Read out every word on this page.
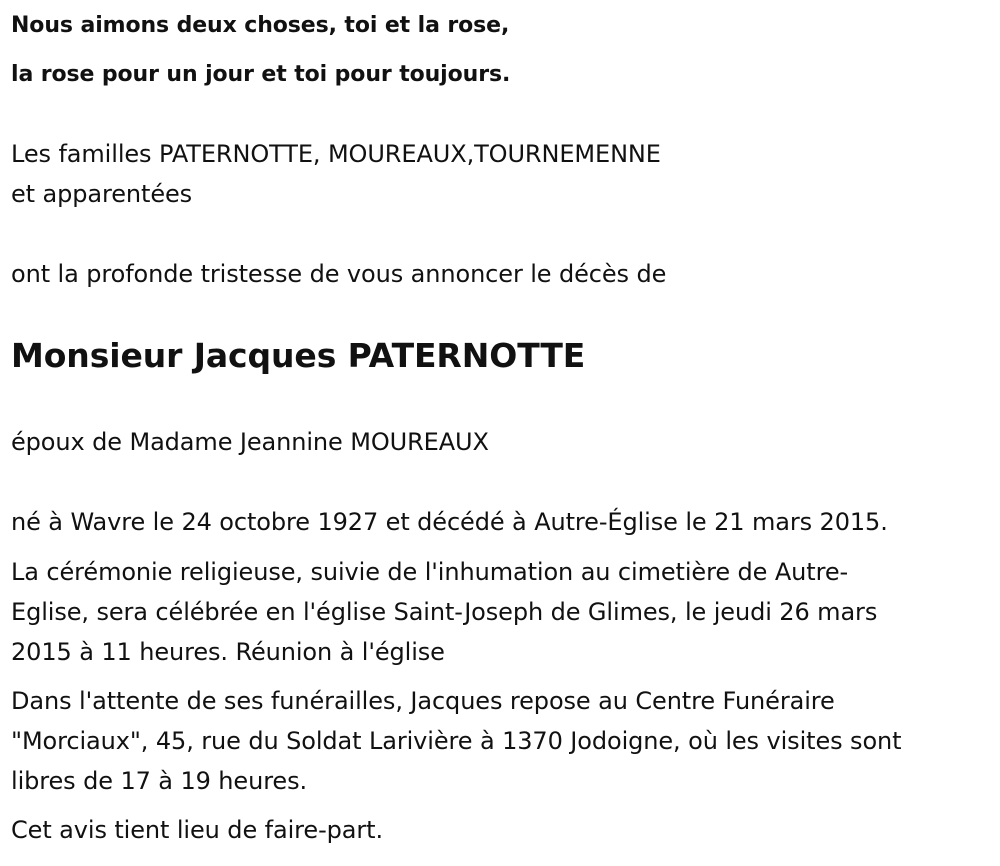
Nous aimons deux choses, toi et la rose,
la rose pour un jour et toi pour toujours.
Les familles PATERNOTTE, MOUREAUX,TOURNEMENNE
et apparentées
ont la profonde tristesse de vous annoncer le décès de
Monsieur Jacques PATERNOTTE
époux de Madame Jeannine MOUREAUX
né à Wavre le 24 octobre 1927 et décédé à Autre-Église le 21 mars 2015.
La cérémonie religieuse, suivie de l'inhumation au cimetière de Autre-
Eglise, sera célébrée en l'église Saint-Joseph de Glimes, le jeudi 26 mars
2015 à 11 heures. Réunion à l'église
Dans l'attente de ses funérailles, Jacques repose au Centre Funéraire
"Morciaux", 45, rue du Soldat Larivière à 1370 Jodoigne, où les visites sont
libres de 17 à 19 heures.
Cet avis tient lieu de faire-part.
